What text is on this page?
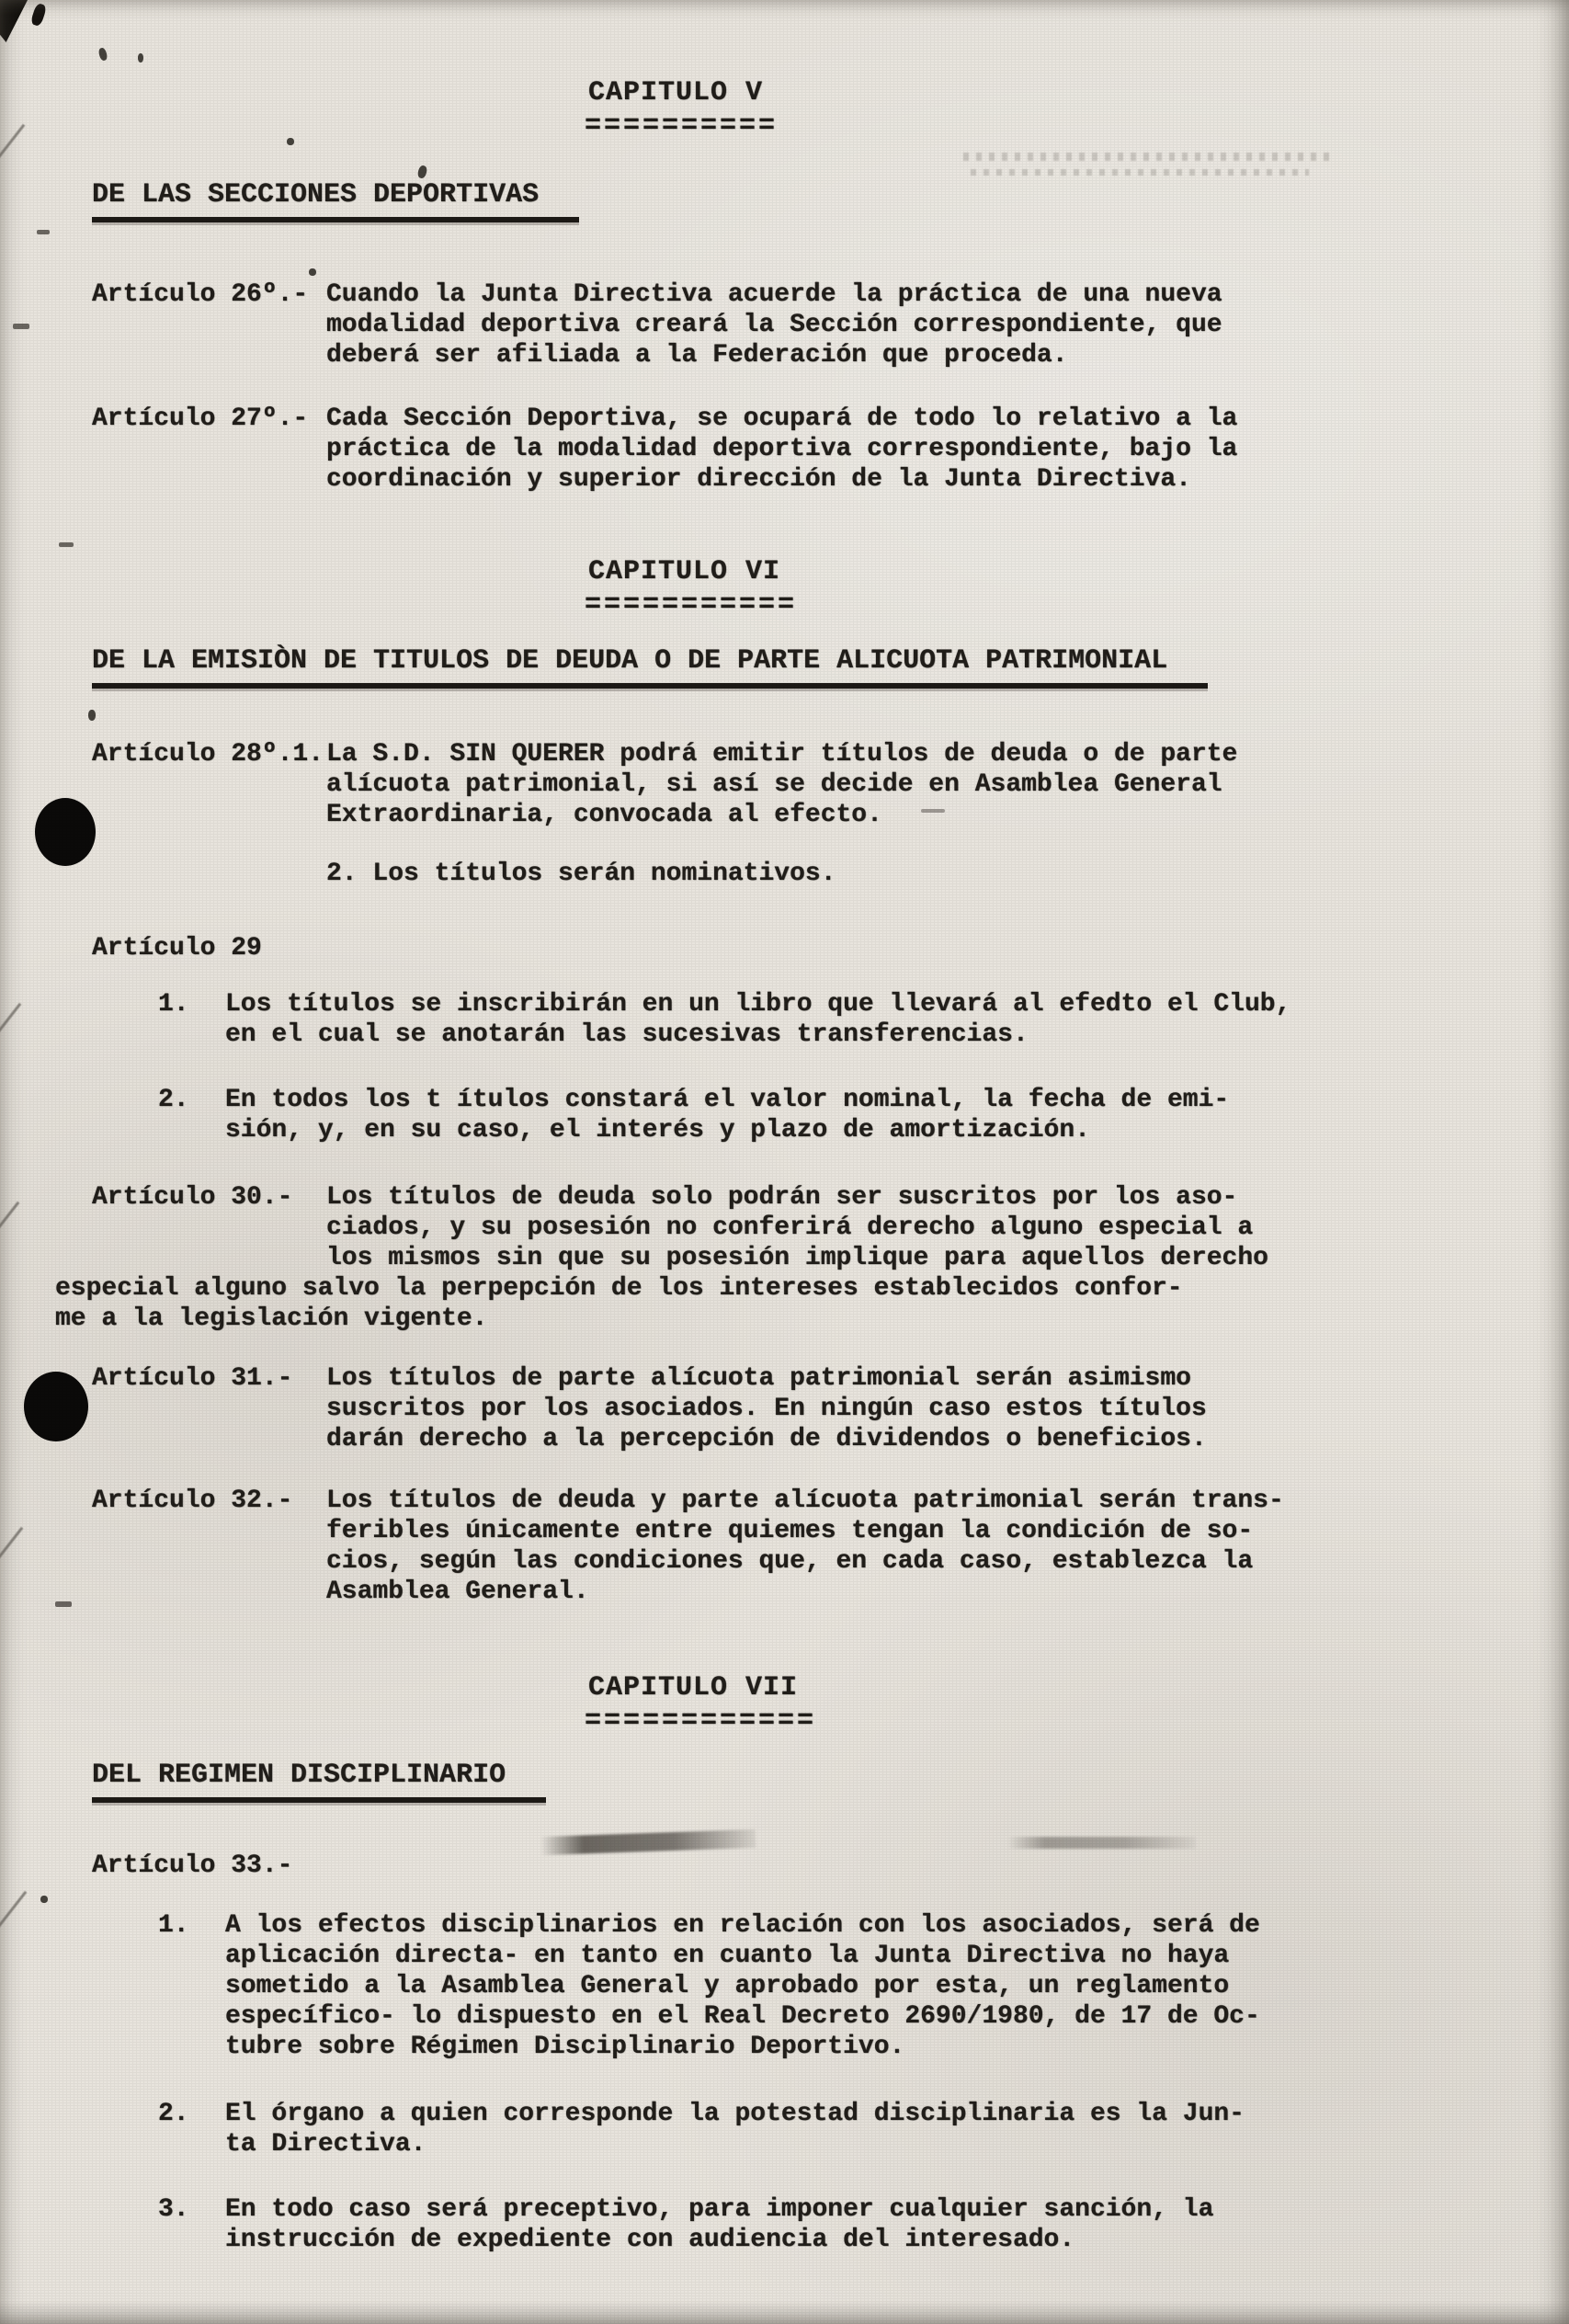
CAPITULO V
==========
DE LAS SECCIONES DEPORTIVAS
Artículo 26º.- Cuando la Junta Directiva acuerde la práctica de una nueva
modalidad deportiva creará la Sección correspondiente, que
deberá ser afiliada a la Federación que proceda.
Artículo 27º.- Cada Sección Deportiva, se ocupará de todo lo relativo a la
práctica de la modalidad deportiva correspondiente, bajo la
coordinación y superior dirección de la Junta Directiva.
CAPITULO VI
===========
DE LA EMISIÒN DE TITULOS DE DEUDA O DE PARTE ALICUOTA PATRIMONIAL
Artículo 28º.1. La S.D. SIN QUERER podrá emitir títulos de deuda o de parte
alícuota patrimonial, si así se decide en Asamblea General
Extraordinaria, convocada al efecto.
2. Los títulos serán nominativos.
Artículo 29
1.	Los títulos se inscribirán en un libro que llevará al efedto el Club,
en el cual se anotarán las sucesivas transferencias.
2.	En todos los t ítulos constará el valor nominal, la fecha de emi-
sión, y, en su caso, el interés y plazo de amortización.
Artículo 30.-	Los títulos de deuda solo podrán ser suscritos por los aso-
ciados, y su posesión no conferirá derecho alguno especial a
los mismos sin que su posesión implique para aquellos derecho
especial alguno salvo la perpepción de los intereses establecidos confor-
me a la legislación vigente.
Artículo 31.-	Los títulos de parte alícuota patrimonial serán asimismo
suscritos por los asociados. En ningún caso estos títulos
darán derecho a la percepción de dividendos o beneficios.
Artículo 32.-	Los títulos de deuda y parte alícuota patrimonial serán trans-
feribles únicamente entre quiemes tengan la condición de so-
cios, según las condiciones que, en cada caso, establezca la
Asamblea General.
CAPITULO VII
============
DEL REGIMEN DISCIPLINARIO
Artículo 33.-
1.	A los efectos disciplinarios en relación con los asociados, será de
aplicación directa- en tanto en cuanto la Junta Directiva no haya
sometido a la Asamblea General y aprobado por esta, un reglamento
específico- lo dispuesto en el Real Decreto 2690/1980, de 17 de Oc-
tubre sobre Régimen Disciplinario Deportivo.
2.	El órgano a quien corresponde la potestad disciplinaria es la Jun-
ta Directiva.
3.	En todo caso será preceptivo, para imponer cualquier sanción, la
instrucción de expediente con audiencia del interesado.
